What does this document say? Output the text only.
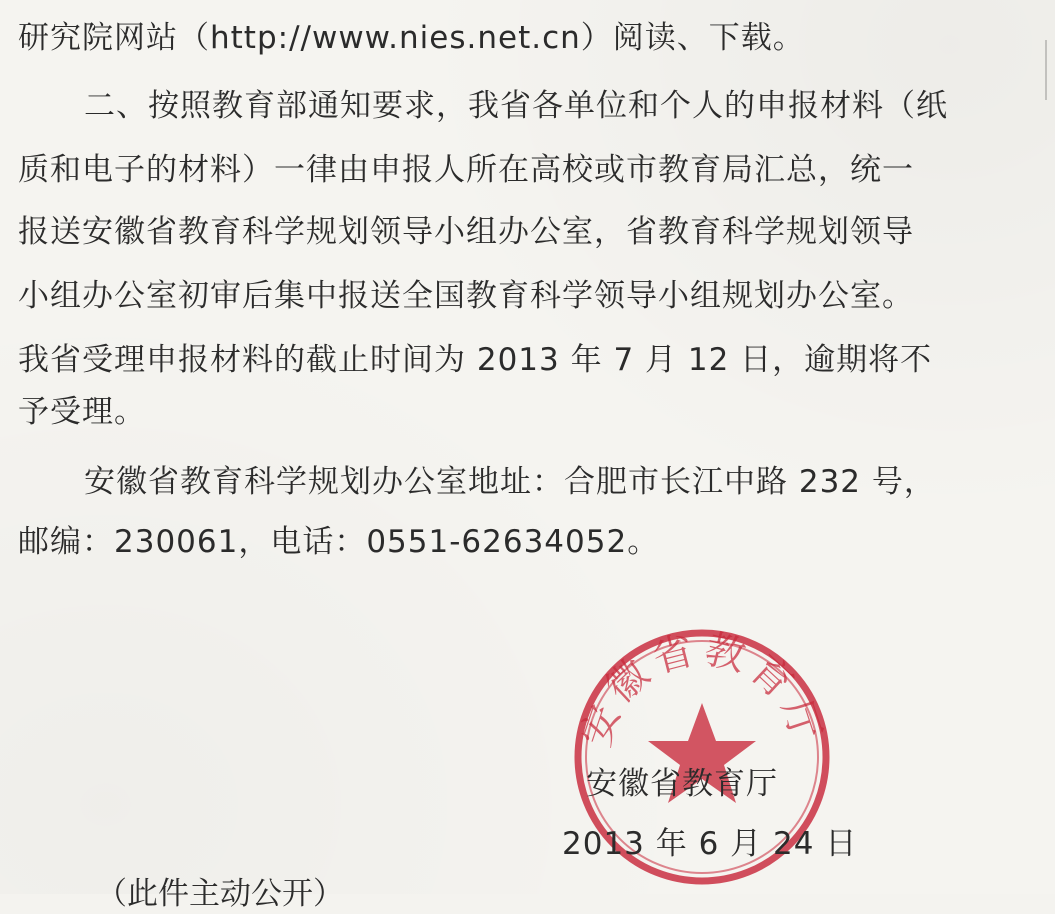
研究院网站（http://www.nies.net.cn）阅读、下载。
二、按照教育部通知要求，我省各单位和个人的申报材料（纸
质和电子的材料）一律由申报人所在高校或市教育局汇总，统一
报送安徽省教育科学规划领导小组办公室，省教育科学规划领导
小组办公室初审后集中报送全国教育科学领导小组规划办公室。
我省受理申报材料的截止时间为 2013 年 7 月 12 日，逾期将不
予受理。
安徽省教育科学规划办公室地址：合肥市长江中路 232 号，
邮编：230061，电话：0551-62634052。
安徽省教育厅
安徽省教育厅
2013 年 6 月 24 日
（此件主动公开）
